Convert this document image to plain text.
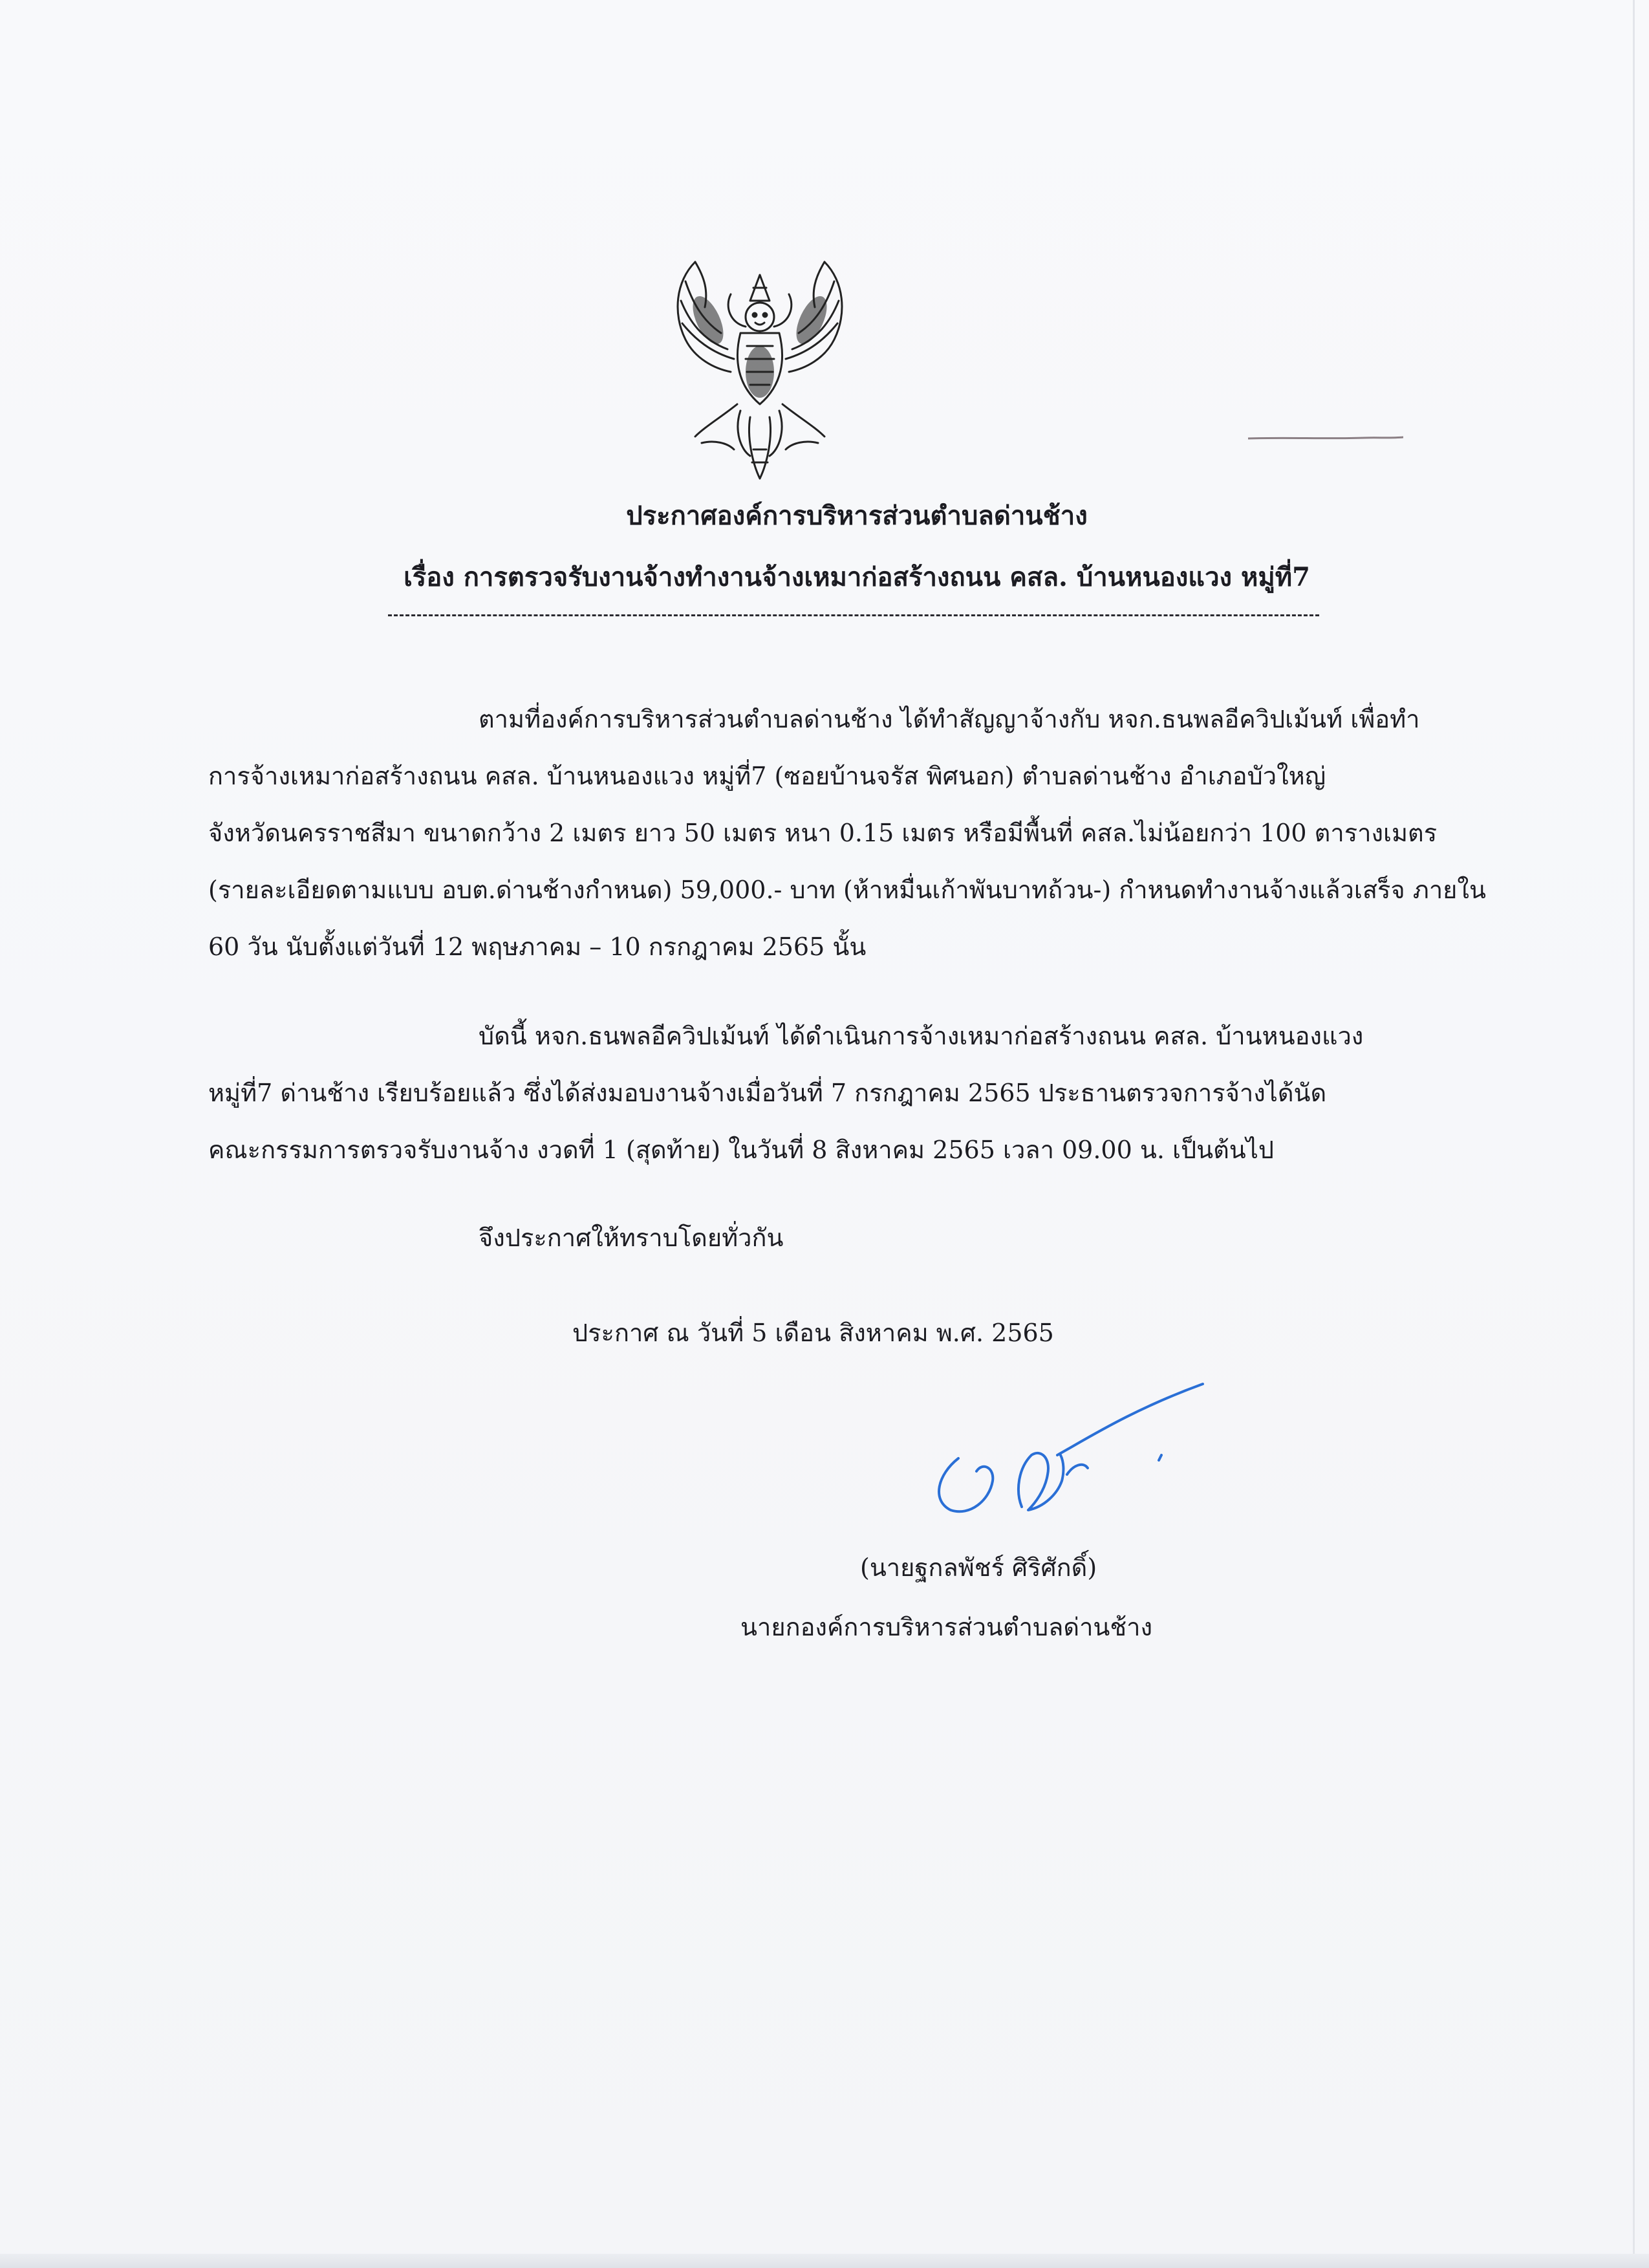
ประกาศองค์การบริหารส่วนตำบลด่านช้าง
เรื่อง การตรวจรับงานจ้างทำงานจ้างเหมาก่อสร้างถนน คสล. บ้านหนองแวง หมู่ที่7
ตามที่องค์การบริหารส่วนตำบลด่านช้าง ได้ทำสัญญาจ้างกับ หจก.ธนพลอีควิปเม้นท์ เพื่อทำ
การจ้างเหมาก่อสร้างถนน คสล. บ้านหนองแวง หมู่ที่7 (ซอยบ้านจรัส พิศนอก) ตำบลด่านช้าง อำเภอบัวใหญ่
จังหวัดนครราชสีมา ขนาดกว้าง 2 เมตร ยาว 50 เมตร หนา 0.15 เมตร หรือมีพื้นที่ คสล.ไม่น้อยกว่า 100 ตารางเมตร
(รายละเอียดตามแบบ อบต.ด่านช้างกำหนด) 59,000.- บาท (ห้าหมื่นเก้าพันบาทถ้วน-) กำหนดทำงานจ้างแล้วเสร็จ ภายใน
60 วัน นับตั้งแต่วันที่ 12 พฤษภาคม – 10 กรกฎาคม 2565 นั้น
บัดนี้ หจก.ธนพลอีควิปเม้นท์ ได้ดำเนินการจ้างเหมาก่อสร้างถนน คสล. บ้านหนองแวง
หมู่ที่7 ด่านช้าง เรียบร้อยแล้ว ซึ่งได้ส่งมอบงานจ้างเมื่อวันที่ 7 กรกฎาคม 2565 ประธานตรวจการจ้างได้นัด
คณะกรรมการตรวจรับงานจ้าง งวดที่ 1 (สุดท้าย) ในวันที่ 8 สิงหาคม 2565 เวลา 09.00 น. เป็นต้นไป
จึงประกาศให้ทราบโดยทั่วกัน
ประกาศ ณ วันที่ 5 เดือน สิงหาคม พ.ศ. 2565
(นายฐกลพัชร์ ศิริศักดิ์)
นายกองค์การบริหารส่วนตำบลด่านช้าง
